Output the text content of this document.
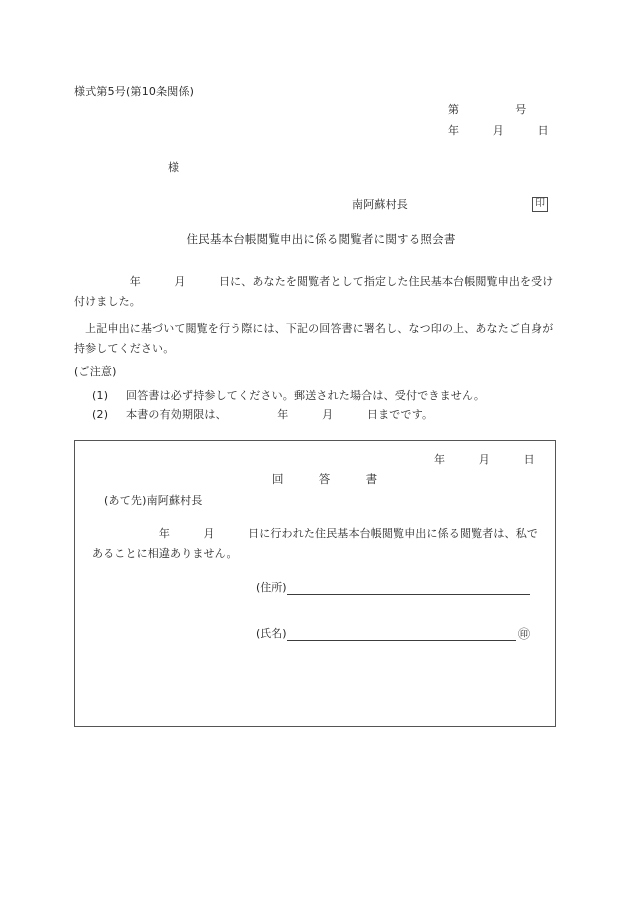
様式第5号(第10条関係)
第　　　　　号
年　　　月　　　日
様
南阿蘇村長	印
住民基本台帳閲覧申出に係る閲覧者に関する照会書
　　　　　年　　　月　　　日に、あなたを閲覧者として指定した住民基本台帳閲覧申出を受け付けました。
　上記申出に基づいて閲覧を行う際には、下記の回答書に署名し、なつ印の上、あなたご自身が持参してください。
(ご注意)
(1)	回答書は必ず持参してください。郵送された場合は、受付できません。
(2)	本書の有効期限は、　　　　　年　　　月　　　日までです。
年　　　月　　　日
回　　　答　　　書
(あて先)南阿蘇村長
　　　　　　年　　　月　　　日に行われた住民基本台帳閲覧申出に係る閲覧者は、私であることに相違ありません。
(住所)
(氏名)	㊞
